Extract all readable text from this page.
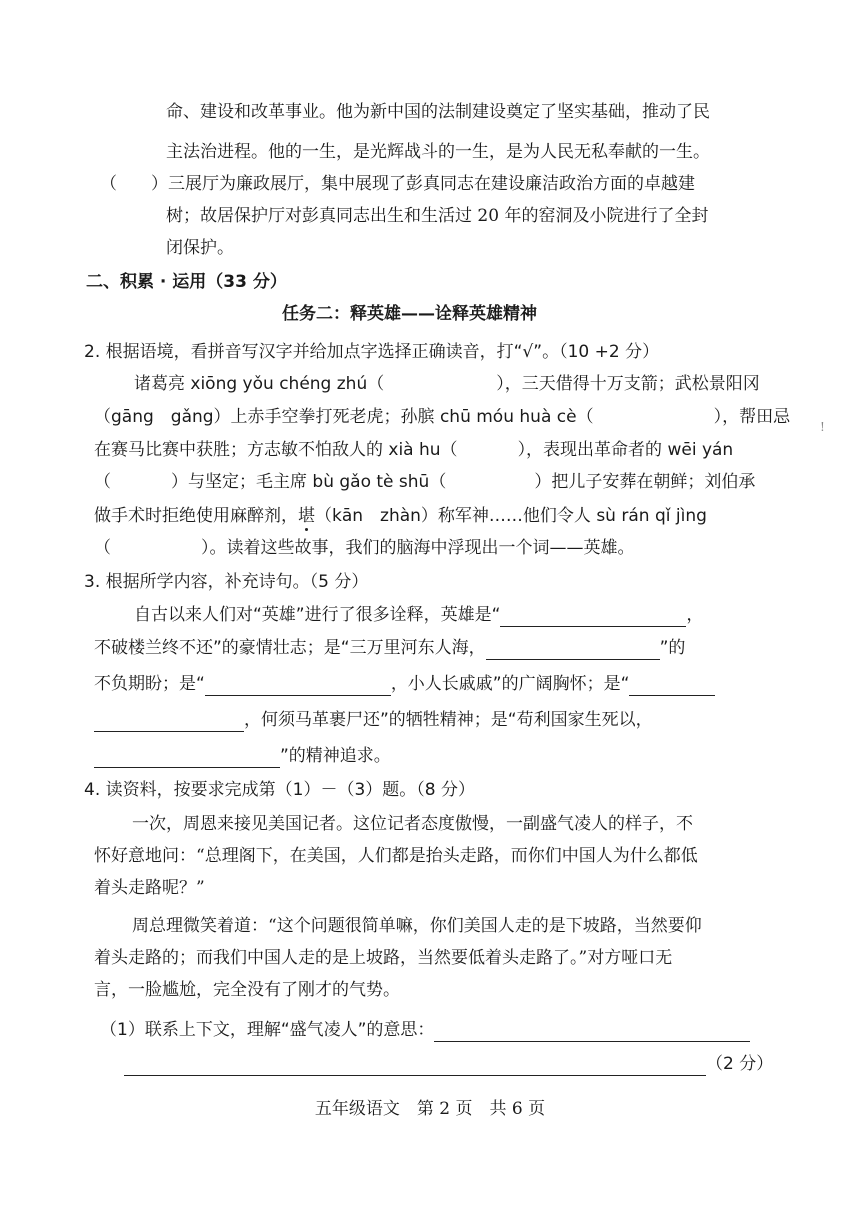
命、建设和改革事业。他为新中国的法制建设奠定了坚实基础，推动了民
主法治进程。他的一生，是光辉战斗的一生，是为人民无私奉献的一生。
（　　）三展厅为廉政展厅，集中展现了彭真同志在建设廉洁政治方面的卓越建
树；故居保护厅对彭真同志出生和生活过 20 年的窑洞及小院进行了全封
闭保护。
二、积累 · 运用（33 分）
任务二：释英雄——诠释英雄精神
2. 根据语境，看拼音写汉字并给加点字选择正确读音，打“√”。（10 +2 分）
诸葛亮 xiōng yǒu chéng zhú（	），三天借得十万支箭；武松景阳冈
（gāng　gǎng）上赤手空拳打死老虎；孙膑 chū móu huà cè（	），帮田忌
在赛马比赛中获胜；方志敏不怕敌人的 xià hu（	），表现出革命者的 wēi yán
（	）与坚定；毛主席 bù gǎo tè shū（	）把儿子安葬在朝鲜；刘伯承
做手术时拒绝使用麻醉剂，堪（kān　zhàn）称军神……他们令人 sù rán qǐ jìng
（	）。读着这些故事，我们的脑海中浮现出一个词——英雄。
3. 根据所学内容，补充诗句。（5 分）
自古以来人们对“英雄”进行了很多诠释，英雄是“	，
不破楼兰终不还”的豪情壮志；是“三万里河东人海，	”的
不负期盼；是“	，小人长戚戚”的广阔胸怀；是“
，何须马革裹尸还”的牺牲精神；是“苟利国家生死以，
”的精神追求。
4. 读资料，按要求完成第（1）－（3）题。（8 分）
一次，周恩来接见美国记者。这位记者态度傲慢，一副盛气凌人的样子，不
怀好意地问：“总理阁下，在美国，人们都是抬头走路，而你们中国人为什么都低
着头走路呢？”
周总理微笑着道：“这个问题很简单嘛，你们美国人走的是下坡路，当然要仰
着头走路的；而我们中国人走的是上坡路，当然要低着头走路了。”对方哑口无
言，一脸尴尬，完全没有了刚才的气势。
（1）联系上下文，理解“盛气凌人”的意思：
（2 分）
五年级语文　第 2 页　共 6 页
!
